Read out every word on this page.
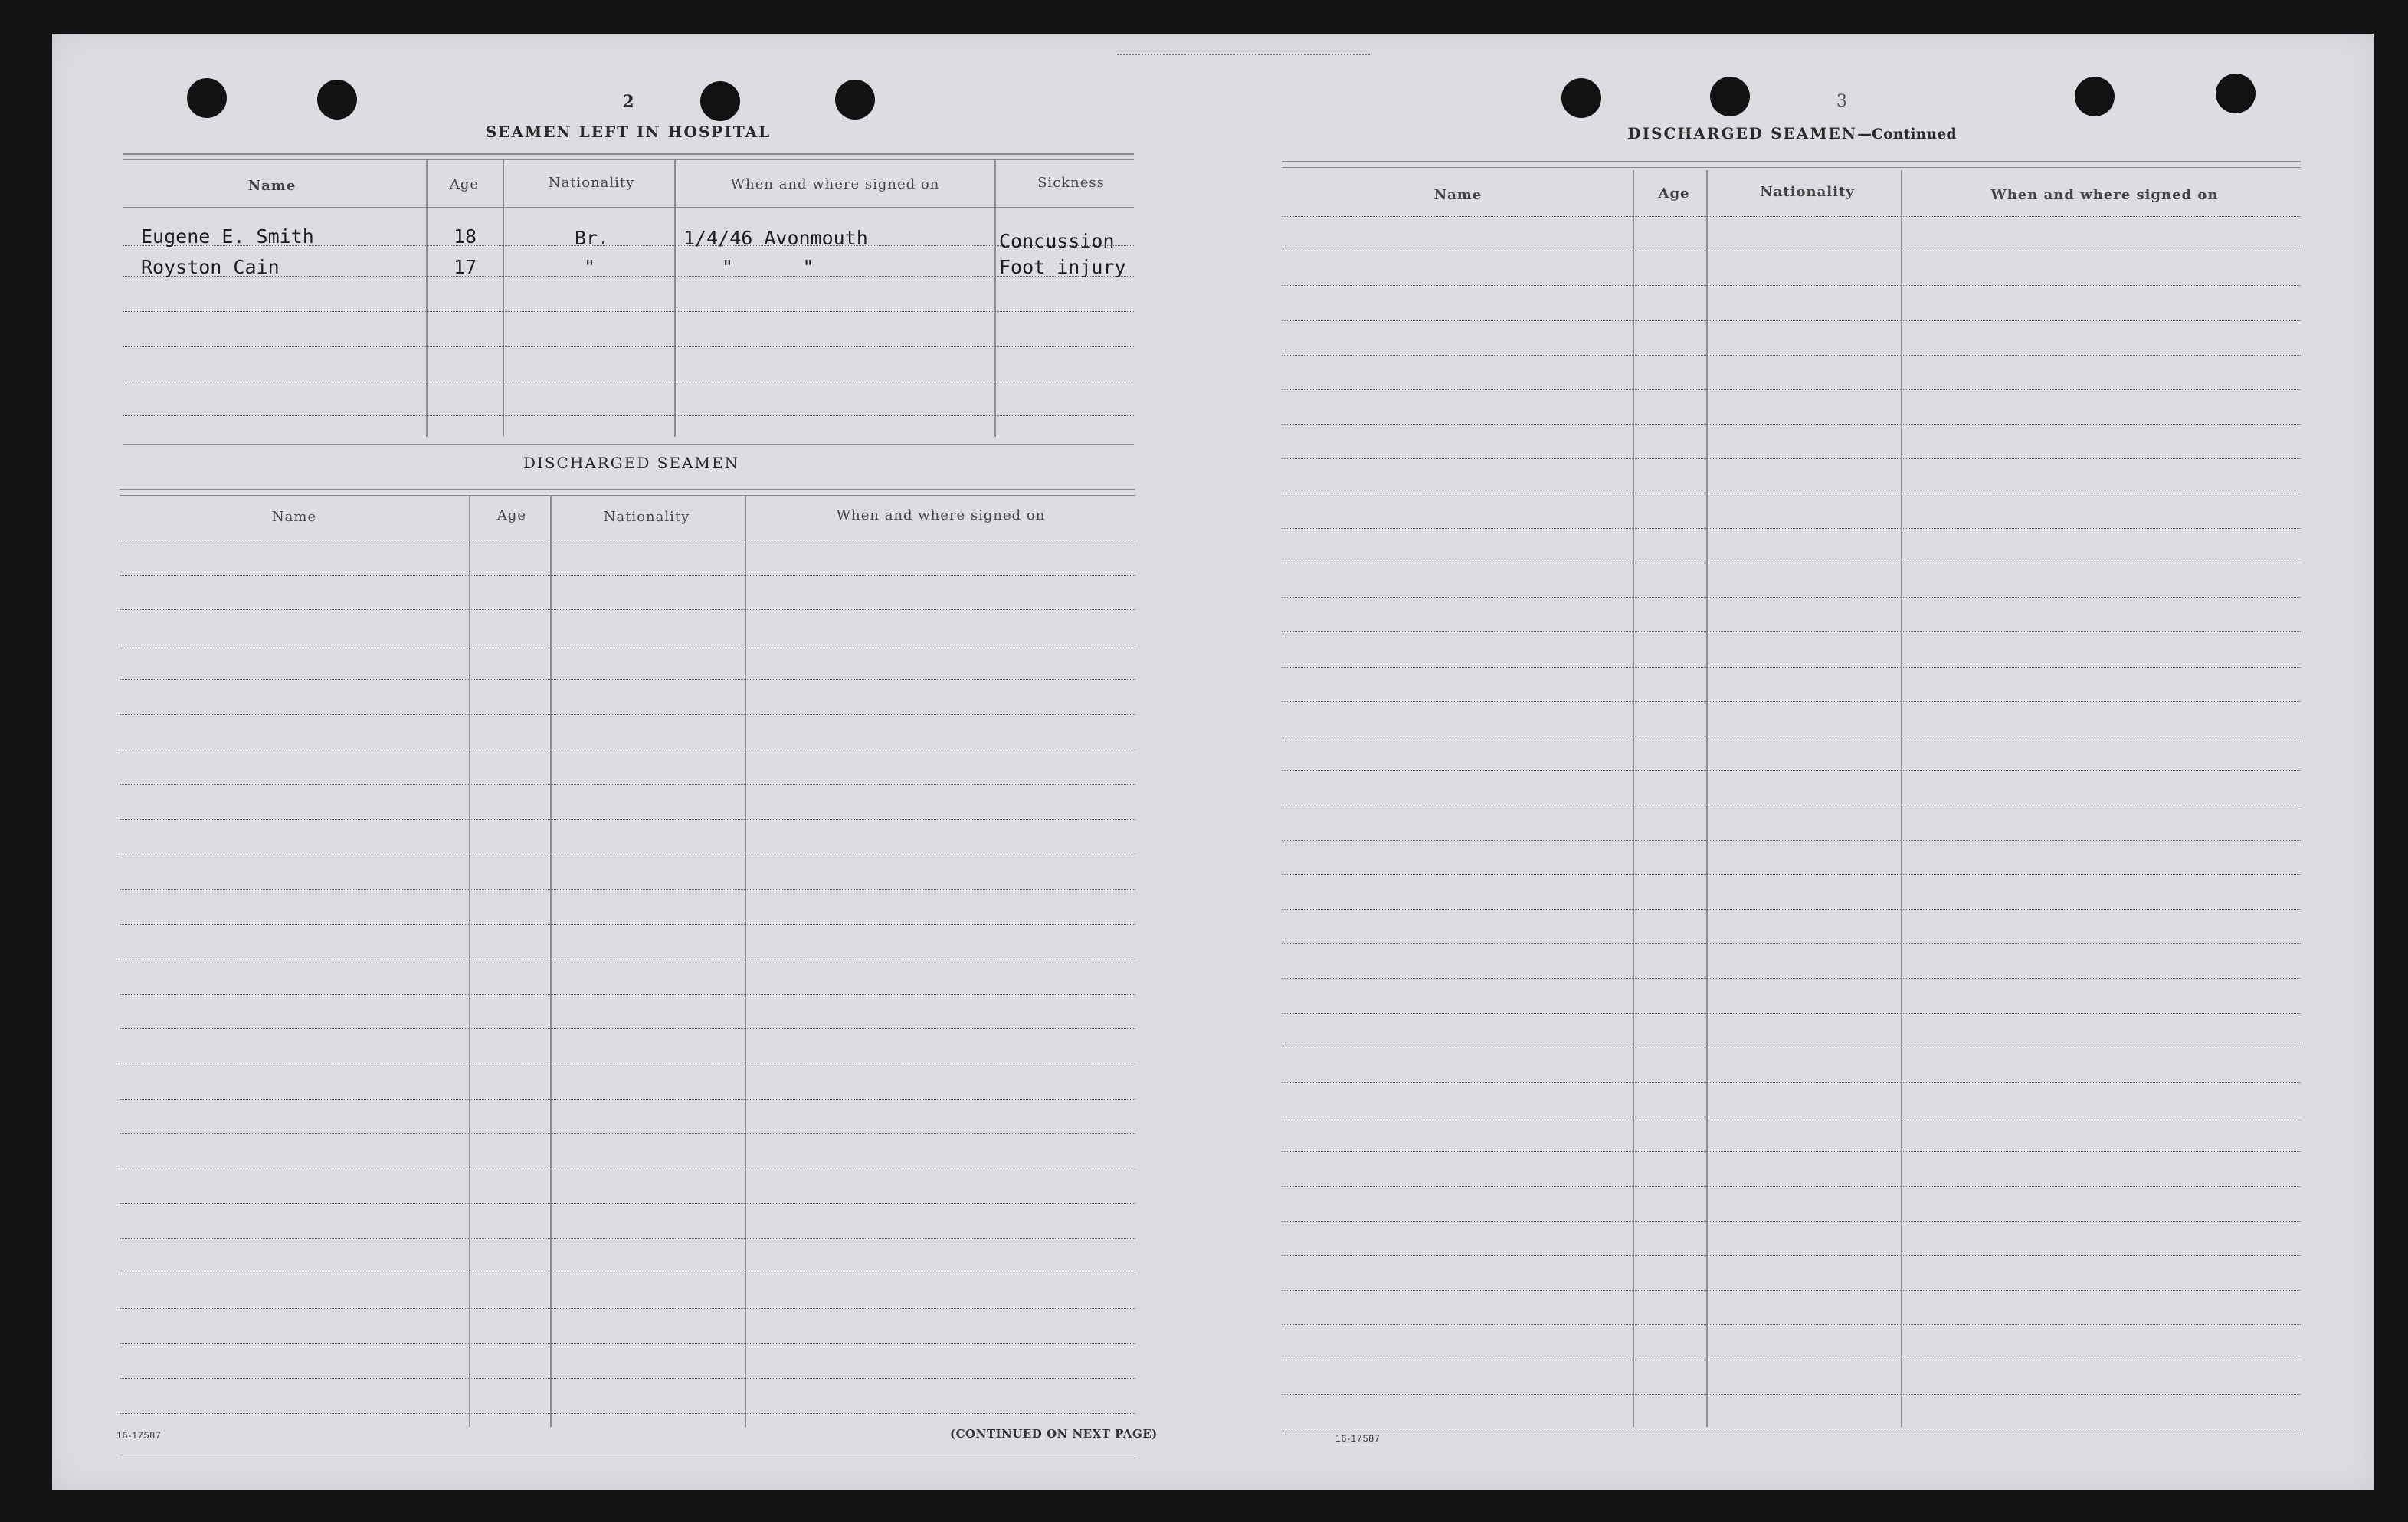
2
SEAMEN LEFT IN HOSPITAL
Name	Age	Nationality	When and where signed on	Sickness
Eugene E. Smith	18	Br.	1/4/46 Avonmouth	Concussion
Royston Cain	17	"	"      "	Foot injury
DISCHARGED SEAMEN
Name	Age	Nationality	When and where signed on
16-17587	(CONTINUED ON NEXT PAGE)
3
DISCHARGED SEAMEN—Continued
Name	Age	Nationality	When and where signed on
16-17587
